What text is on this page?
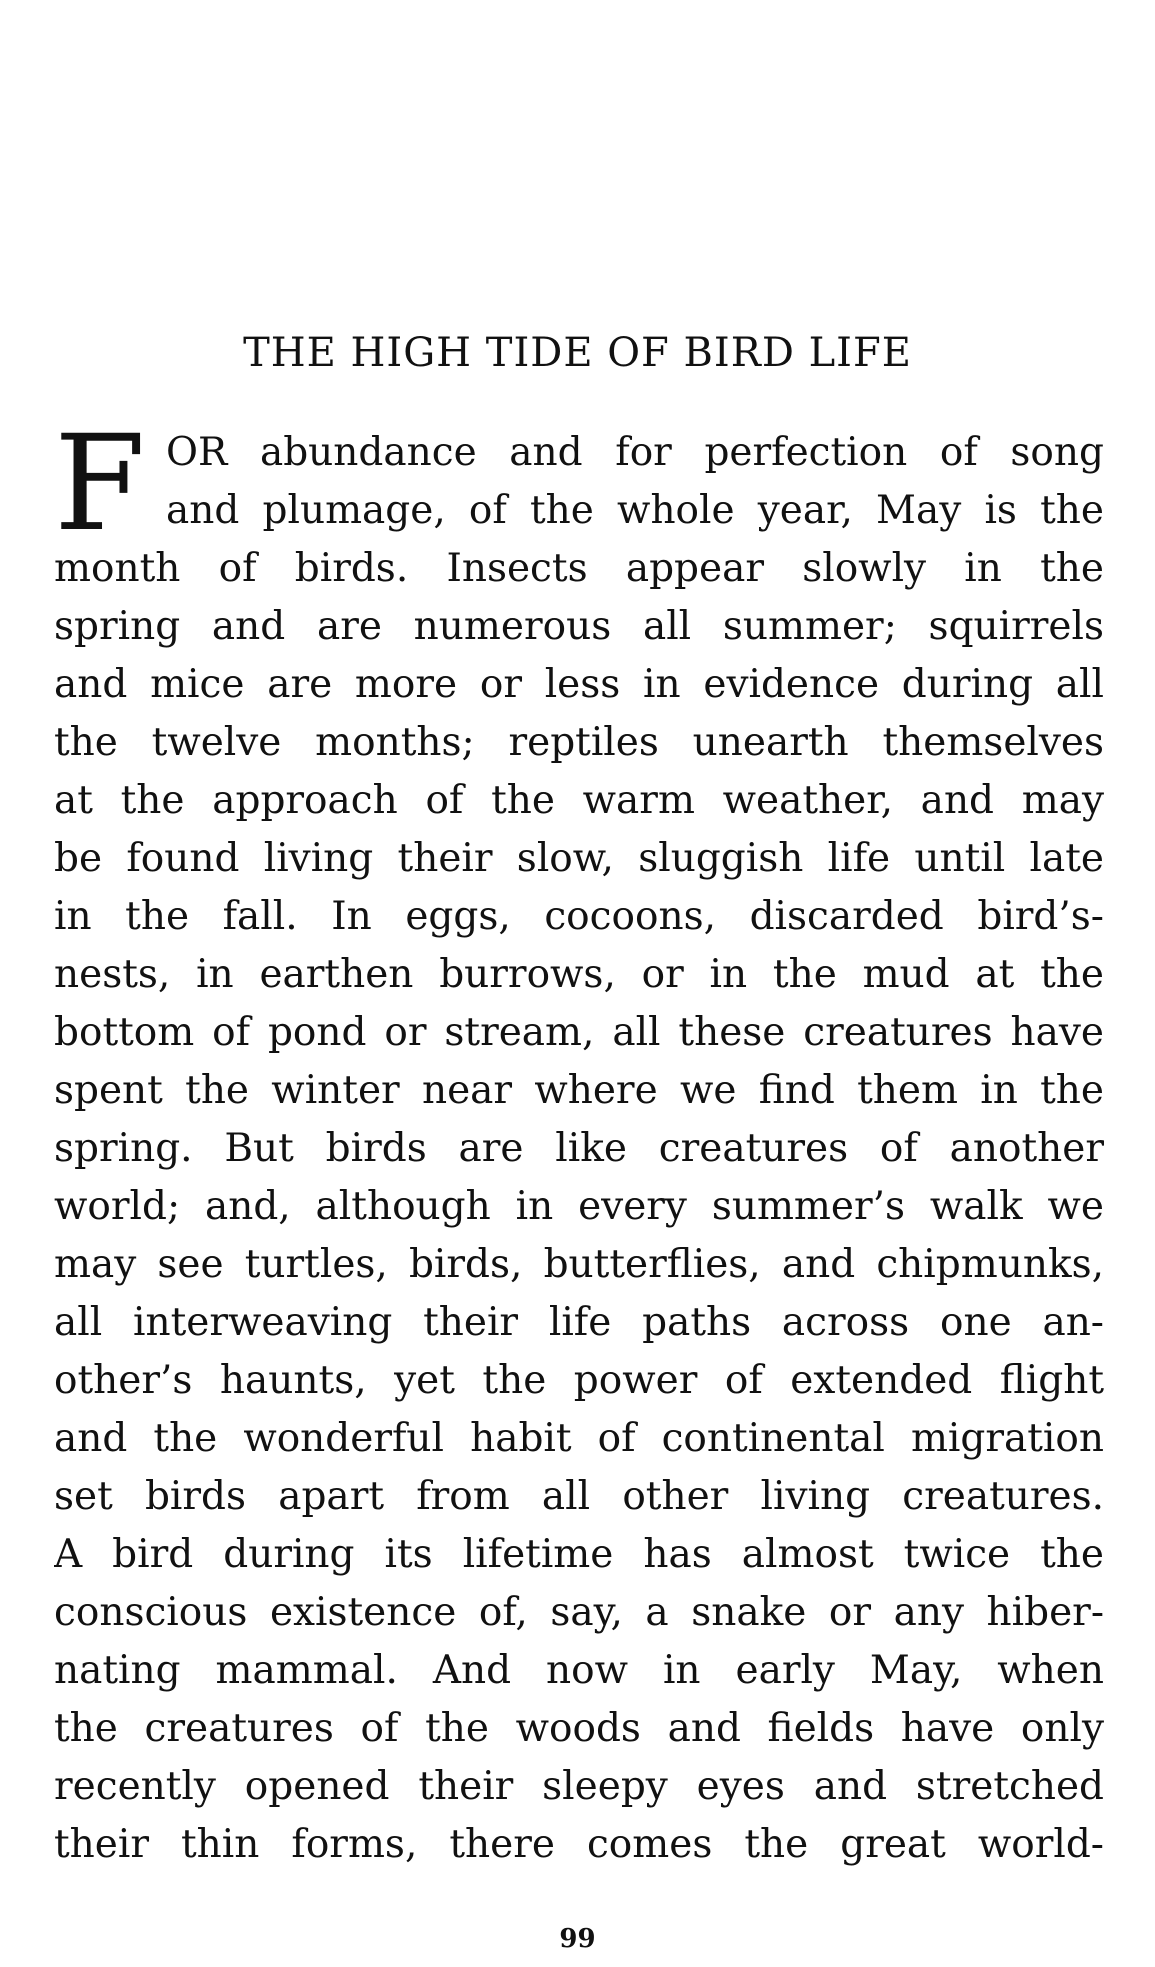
THE HIGH TIDE OF BIRD LIFE
F OR abundance and for perfection of song
and plumage, of the whole year, May is the
month of birds. Insects appear slowly in the
spring and are numerous all summer; squirrels
and mice are more or less in evidence during all
the twelve months; reptiles unearth themselves
at the approach of the warm weather, and may
be found living their slow, sluggish life until late
in the fall. In eggs, cocoons, discarded bird’s-
nests, in earthen burrows, or in the mud at the
bottom of pond or stream, all these creatures have
spent the winter near where we find them in the
spring. But birds are like creatures of another
world; and, although in every summer’s walk we
may see turtles, birds, butterflies, and chipmunks,
all interweaving their life paths across one an-
other’s haunts, yet the power of extended flight
and the wonderful habit of continental migration
set birds apart from all other living creatures.
A bird during its lifetime has almost twice the
conscious existence of, say, a snake or any hiber-
nating mammal. And now in early May, when
the creatures of the woods and fields have only
recently opened their sleepy eyes and stretched
their thin forms, there comes the great world-
99
